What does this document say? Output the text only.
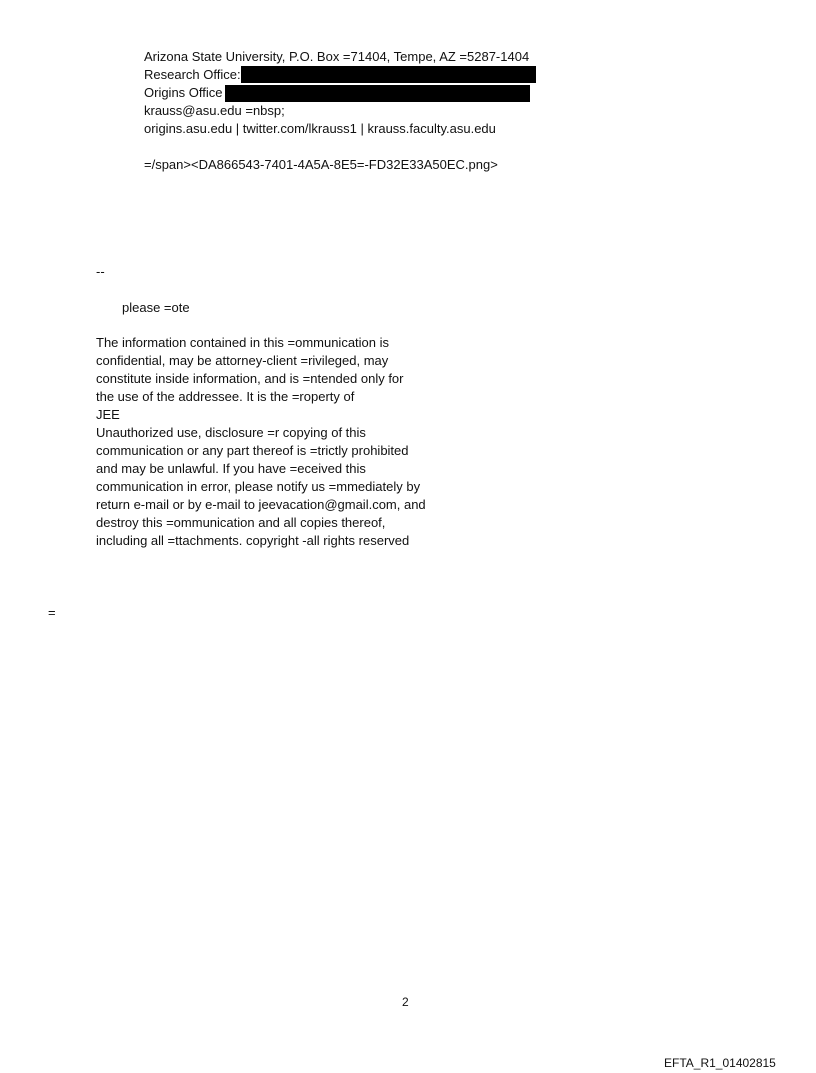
Arizona State University, P.O. Box =71404, Tempe, AZ =5287-1404
Research Office:
Origins Office
krauss@asu.edu =nbsp;
origins.asu.edu | twitter.com/lkrauss1 | krauss.faculty.asu.edu
=/span><DA866543-7401-4A5A-8E5=-FD32E33A50EC.png>
--
please =ote
The information contained in this =ommunication is
confidential, may be attorney-client =rivileged, may
constitute inside information, and is =ntended only for
the use of the addressee. It is the =roperty of
JEE
Unauthorized use, disclosure =r copying of this
communication or any part thereof is =trictly prohibited
and may be unlawful. If you have =eceived this
communication in error, please notify us =mmediately by
return e-mail or by e-mail to jeevacation@gmail.com, and
destroy this =ommunication and all copies thereof,
including all =ttachments. copyright -all rights reserved
=
2
EFTA_R1_01402815
